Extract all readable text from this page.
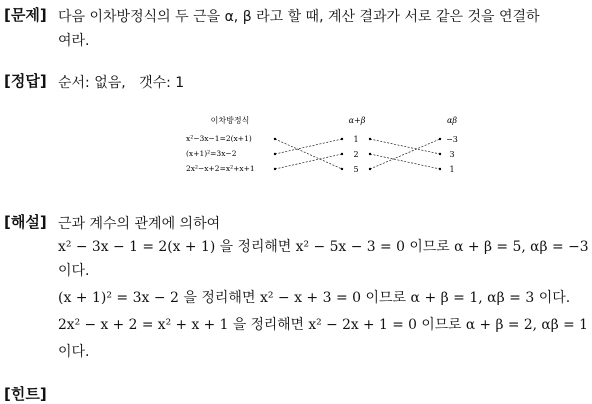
[문제] 다음 이차방정식의 두 근을 α, β 라고 할 때, 계산 결과가 서로 같은 것을 연결하
여라.
[정답] 순서: 없음,   갯수: 1
이차방정식	α+β	αβ
x²−3x−1=2(x+1)
(x+1)²=3x−2
2x²−x+2=x²+x+1
1
2
5
−3
3
1
[해설] 근과 계수의 관계에 의하여
x² − 3x − 1 = 2(x + 1) 을 정리해면 x² − 5x − 3 = 0 이므로 α + β = 5, αβ = −3
이다.
(x + 1)² = 3x − 2 을 정리해면 x² − x + 3 = 0 이므로 α + β = 1, αβ = 3 이다.
2x² − x + 2 = x² + x + 1 을 정리해면 x² − 2x + 1 = 0 이므로 α + β = 2, αβ = 1
이다.
[힌트]
